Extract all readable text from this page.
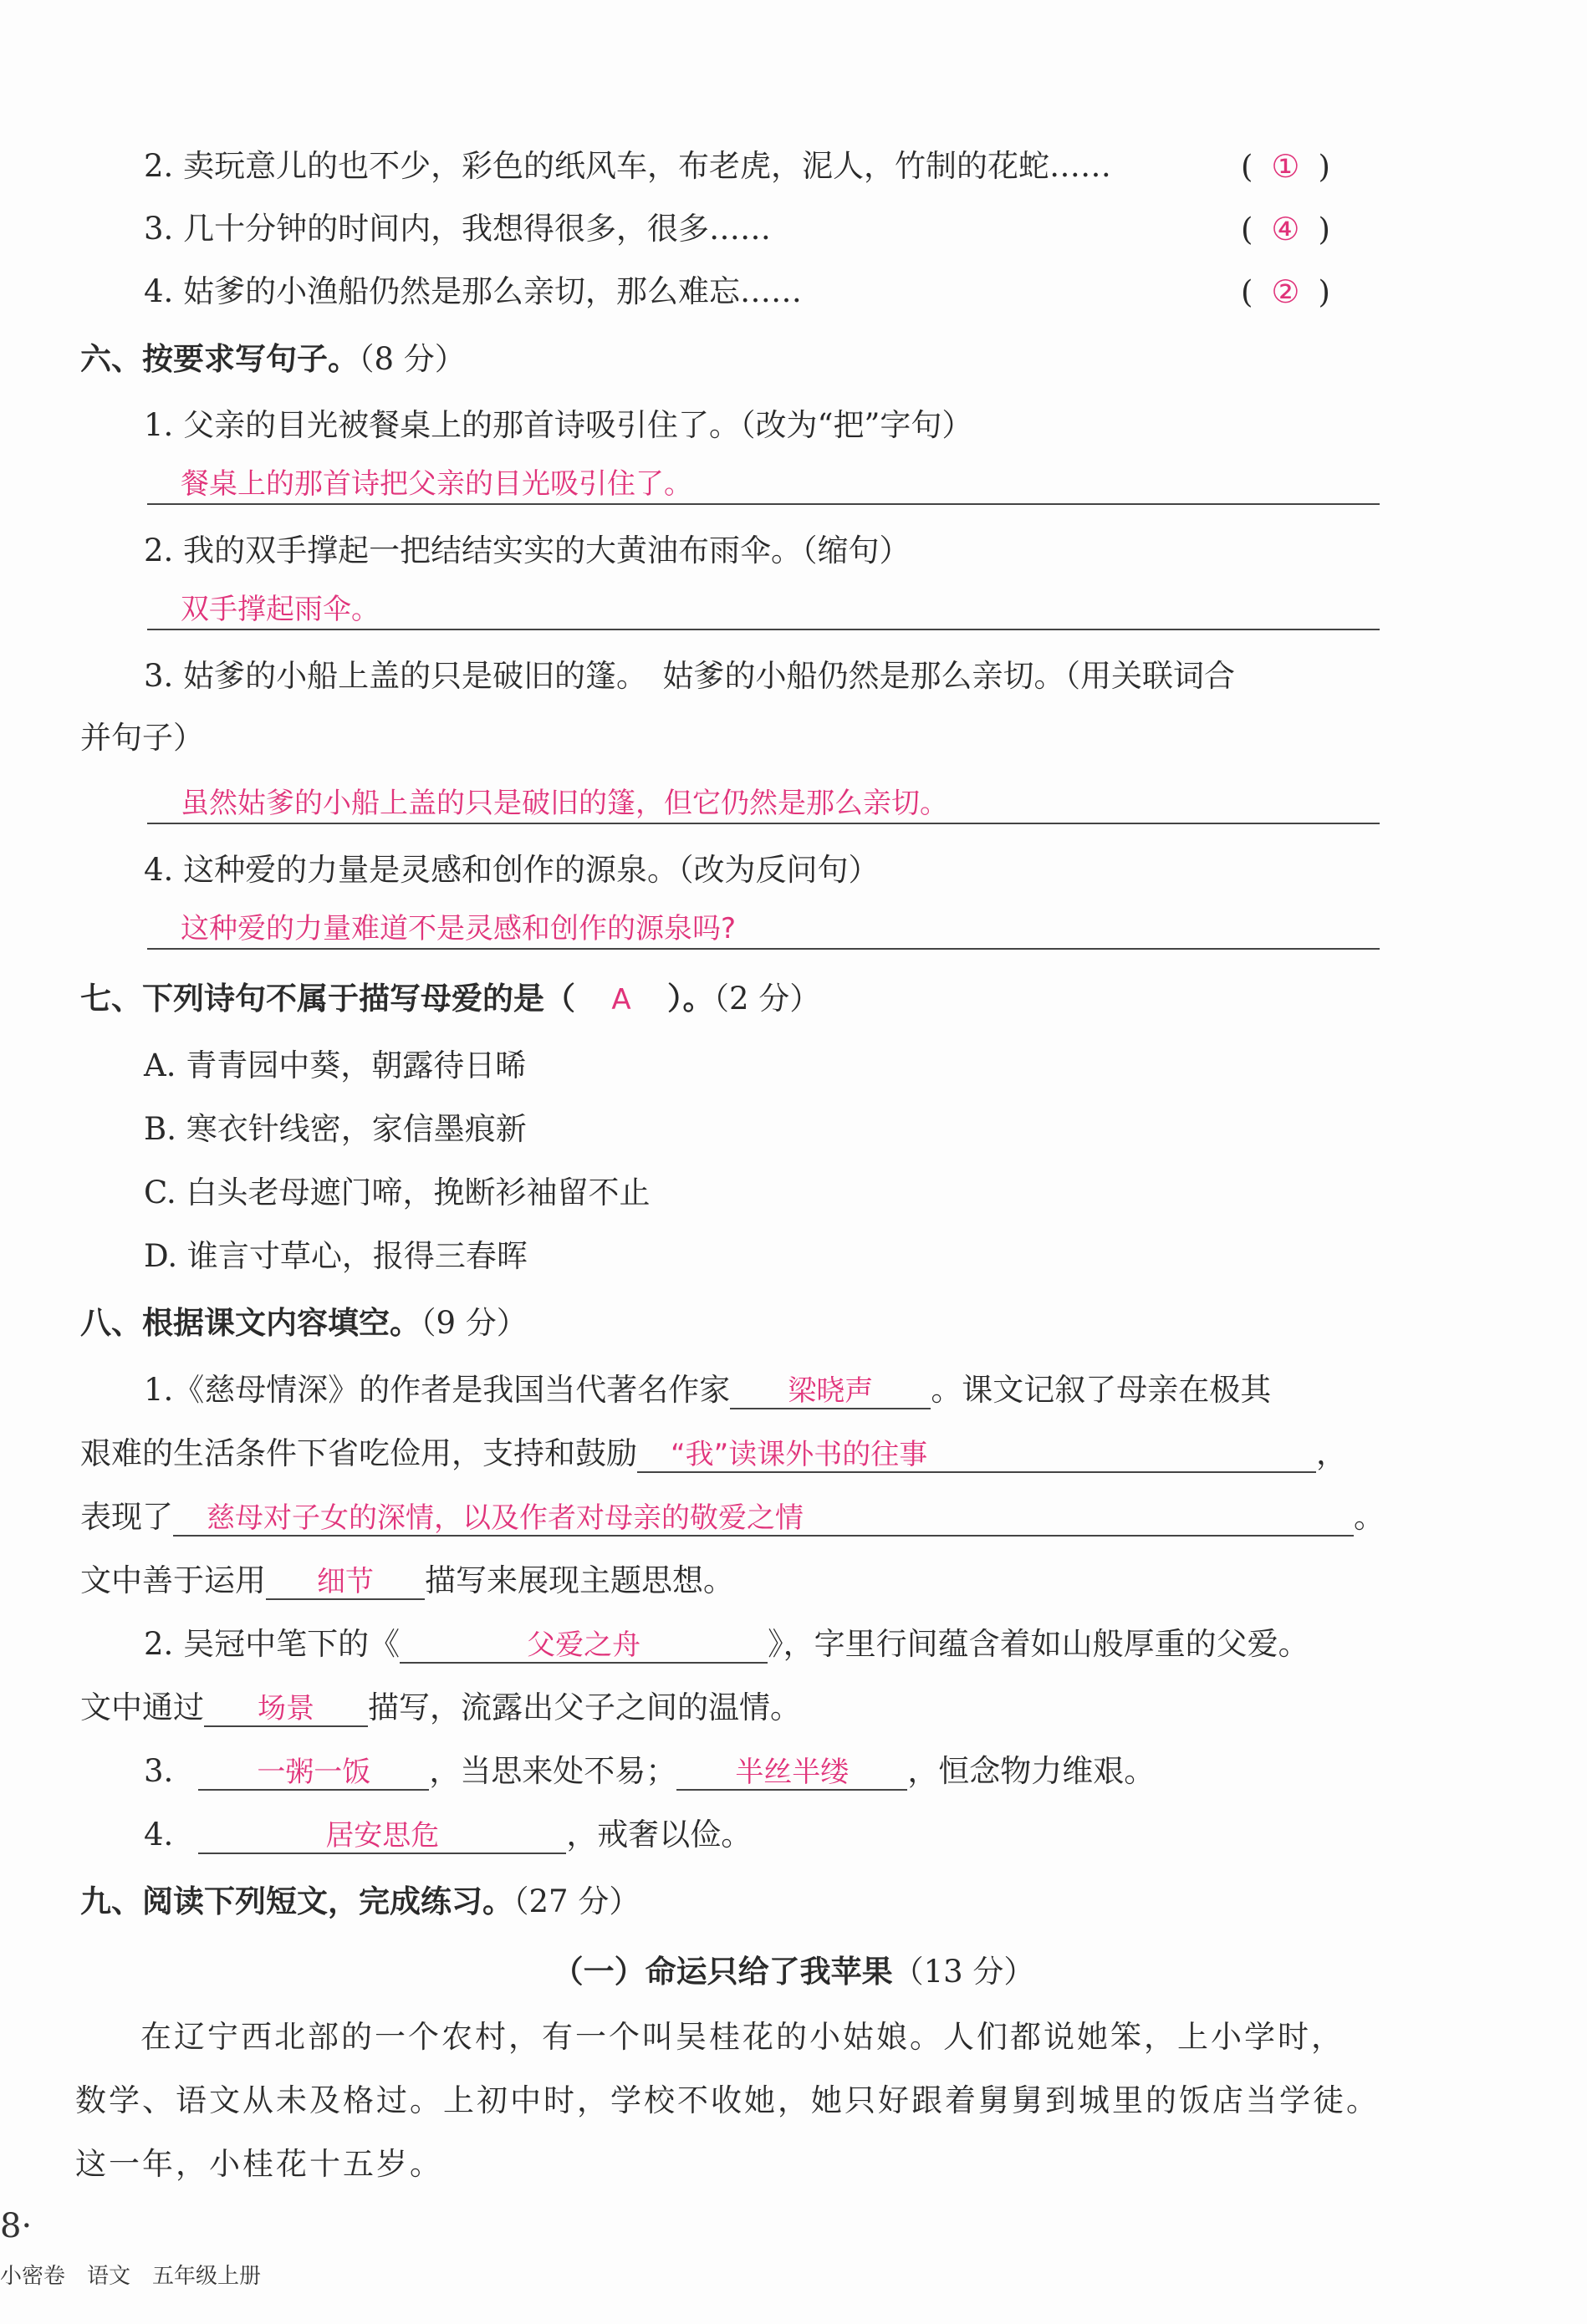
2. 卖玩意儿的也不少，彩色的纸风车，布老虎，泥人，竹制的花蛇……	( ① )
3. 几十分钟的时间内，我想得很多，很多……	( ④ )
4. 姑爹的小渔船仍然是那么亲切，那么难忘……	( ② )
六、按要求写句子。（8 分）
1. 父亲的目光被餐桌上的那首诗吸引住了。（改为“把”字句）
餐桌上的那首诗把父亲的目光吸引住了。
2. 我的双手撑起一把结结实实的大黄油布雨伞。（缩句）
双手撑起雨伞。
3. 姑爹的小船上盖的只是破旧的篷。　姑爹的小船仍然是那么亲切。（用关联词合
并句子）
虽然姑爹的小船上盖的只是破旧的篷，但它仍然是那么亲切。
4. 这种爱的力量是灵感和创作的源泉。（改为反问句）
这种爱的力量难道不是灵感和创作的源泉吗?
七、下列诗句不属于描写母爱的是（ A ）。（2 分）
A. 青青园中葵，朝露待日晞
B. 寒衣针线密，家信墨痕新
C. 白头老母遮门啼，挽断衫袖留不止
D. 谁言寸草心，报得三春晖
八、根据课文内容填空。（9 分）
1.《慈母情深》的作者是我国当代著名作家 梁晓声 。课文记叙了母亲在极其
艰难的生活条件下省吃俭用，支持和鼓励 “我”读课外书的往事	，
表现了 慈母对子女的深情，以及作者对母亲的敬爱之情	。
文中善于运用 细节 描写来展现主题思想。
2. 吴冠中笔下的《	父爱之舟	》，字里行间蕴含着如山般厚重的父爱。
文中通过 场景 描写，流露出父子之间的温情。
3.	一粥一饭 ，当思来处不易； 半丝半缕 ，恒念物力维艰。
4.	居安思危	，戒奢以俭。
九、阅读下列短文，完成练习。（27 分）
（一）命运只给了我苹果（13 分）
在辽宁西北部的一个农村，有一个叫吴桂花的小姑娘。人们都说她笨，上小学时，
数学、语文从未及格过。上初中时，学校不收她，她只好跟着舅舅到城里的饭店当学徒。
这一年，小桂花十五岁。
8·
小密卷　语文　五年级上册
